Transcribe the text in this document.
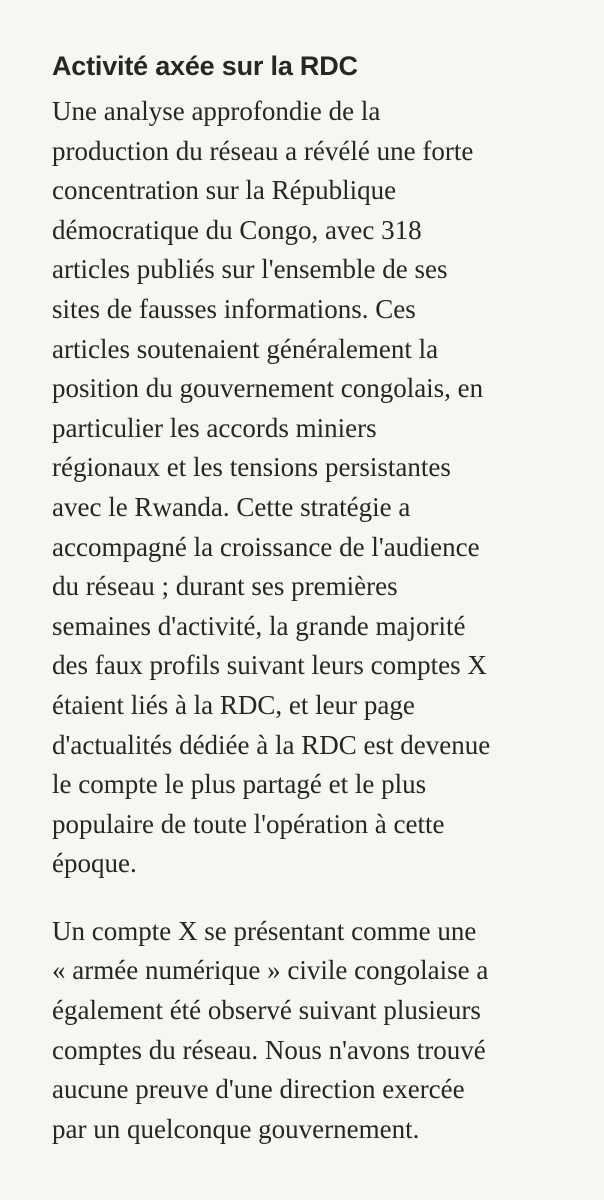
Activité axée sur la RDC

Une analyse approfondie de la
production du réseau a révélé une forte
concentration sur la République
démocratique du Congo, avec 318
articles publiés sur l'ensemble de ses
sites de fausses informations. Ces
articles soutenaient généralement la
position du gouvernement congolais, en
particulier les accords miniers
régionaux et les tensions persistantes
avec le Rwanda. Cette stratégie a
accompagné la croissance de l'audience
du réseau ; durant ses premières
semaines d'activité, la grande majorité
des faux profils suivant leurs comptes X
étaient liés à la RDC, et leur page
d'actualités dédiée à la RDC est devenue
le compte le plus partagé et le plus
populaire de toute l'opération à cette
époque.

Un compte X se présentant comme une
« armée numérique » civile congolaise a
également été observé suivant plusieurs
comptes du réseau. Nous n'avons trouvé
aucune preuve d'une direction exercée
par un quelconque gouvernement.
